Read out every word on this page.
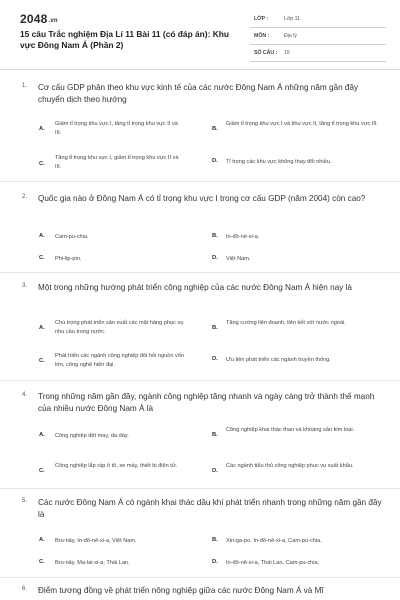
2048.vn
15 câu Trắc nghiệm Địa Lí 11 Bài 11 (có đáp án): Khu vực Đông Nam Á (Phần 2)
LỚP :	Lớp 11
MÔN :	Địa lý
SỐ CÂU : 15
1. Cơ cấu GDP phân theo khu vực kinh tế của các nước Đông Nam Á những năm gần đây chuyển dịch theo hướng
A.
Giảm tỉ trọng khu vực I, tăng tỉ trọng khu vực II và III.
B.
Giảm tỉ trọng khu vực I và khu vực II, tăng tỉ trọng khu vực III.
C.
Tăng tỉ trọng khu vực I, giảm tỉ trọng khu vực II và III.
D. Tỉ trọng các khu vực không thay đổi nhiều.
2. Quốc gia nào ở Đông Nam Á có tỉ trọng khu vực I trong cơ cấu GDP (năm 2004) còn cao?
A. Cam-pu-chia.	B. In-đô-nê-xi-a.
C. Phi-lip-pin.	D. Việt Nam.
3. Một trong những hướng phát triển công nghiệp của các nước Đông Nam Á hiện nay là
A.
Chú trọng phát triển sản xuất các mặt hàng phục vụ nhu cầu trong nước.
B.
Tăng cường liên doanh, liên kết với nước ngoài.
C.
Phát triển các ngành công nghiệp đòi hỏi nguồn vốn lớn, công nghệ hiện đại.
D. Ưu tiên phát triển các ngành truyền thống.
4. Trong những năm gần đây, ngành công nghiệp tăng nhanh và ngày càng trở thành thế mạnh của nhiều nước Đông Nam Á là
A. Công nghiệp dệt may, da dày.	B.
Công nghiệp khai thác than và khoáng sản kim loại.
C.
Công nghiệp lắp ráp ô tô, xe máy, thiết bị điện tử.
D.
Các ngành tiểu thủ công nghiệp phục vụ xuất khẩu.
5. Các nước Đông Nam Á có ngành khai thác dầu khí phát triển nhanh trong những năm gần đây là
A. Bru-nây, In-đô-nê-xi-a, Việt Nam.	B. Xin-ga-po, In-đô-nê-xi-a, Cam-pu-chia.
C. Bru-nây, Ma-lai-xi-a, Thái Lan.	D. In-đô-nê-xi-a, Thái Lan, Cam-pu-chia.
6. Điểm tương đồng về phát triển nông nghiệp giữa các nước Đông Nam Á và Mĩ
